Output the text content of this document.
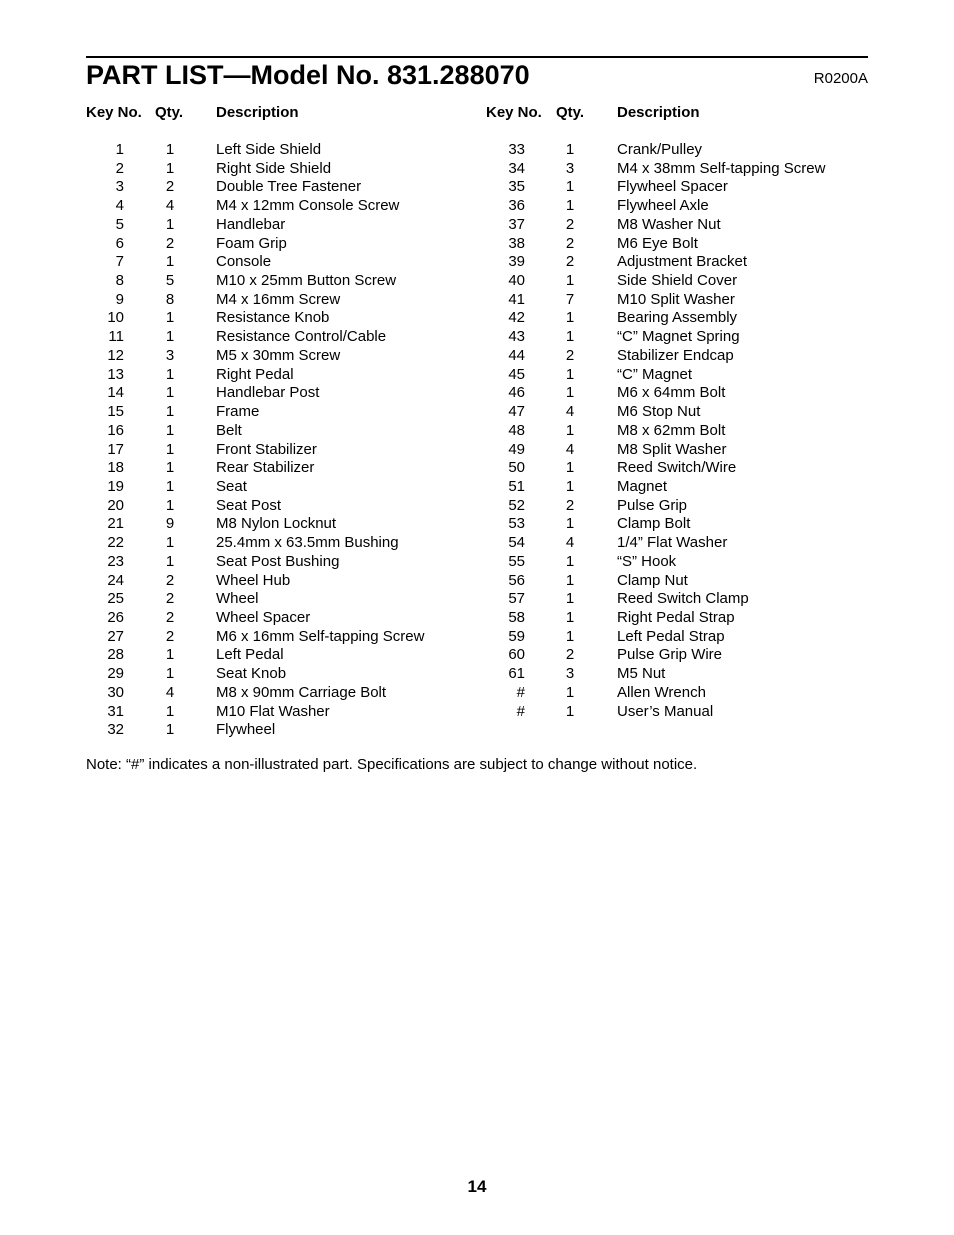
PART LIST—Model No. 831.288070	R0200A
Key No. Qty. Description	Key No. Qty. Description
1	1	Left Side Shield
2	1	Right Side Shield
3	2	Double Tree Fastener
4	4	M4 x 12mm Console Screw
5	1	Handlebar
6	2	Foam Grip
7	1	Console
8	5	M10 x 25mm Button Screw
9	8	M4 x 16mm Screw
10	1	Resistance Knob
11	1	Resistance Control/Cable
12	3	M5 x 30mm Screw
13	1	Right Pedal
14	1	Handlebar Post
15	1	Frame
16	1	Belt
17	1	Front Stabilizer
18	1	Rear Stabilizer
19	1	Seat
20	1	Seat Post
21	9	M8 Nylon Locknut
22	1	25.4mm x 63.5mm Bushing
23	1	Seat Post Bushing
24	2	Wheel Hub
25	2	Wheel
26	2	Wheel Spacer
27	2	M6 x 16mm Self-tapping Screw
28	1	Left Pedal
29	1	Seat Knob
30	4	M8 x 90mm Carriage Bolt
31	1	M10 Flat Washer
32	1	Flywheel
33	1	Crank/Pulley
34	3	M4 x 38mm Self-tapping Screw
35	1	Flywheel Spacer
36	1	Flywheel Axle
37	2	M8 Washer Nut
38	2	M6 Eye Bolt
39	2	Adjustment Bracket
40	1	Side Shield Cover
41	7	M10 Split Washer
42	1	Bearing Assembly
43	1	“C” Magnet Spring
44	2	Stabilizer Endcap
45	1	“C” Magnet
46	1	M6 x 64mm Bolt
47	4	M6 Stop Nut
48	1	M8 x 62mm Bolt
49	4	M8 Split Washer
50	1	Reed Switch/Wire
51	1	Magnet
52	2	Pulse Grip
53	1	Clamp Bolt
54	4	1/4” Flat Washer
55	1	“S” Hook
56	1	Clamp Nut
57	1	Reed Switch Clamp
58	1	Right Pedal Strap
59	1	Left Pedal Strap
60	2	Pulse Grip Wire
61	3	M5 Nut
#	1	Allen Wrench
#	1	User’s Manual
Note: “#” indicates a non-illustrated part. Specifications are subject to change without notice.
14
